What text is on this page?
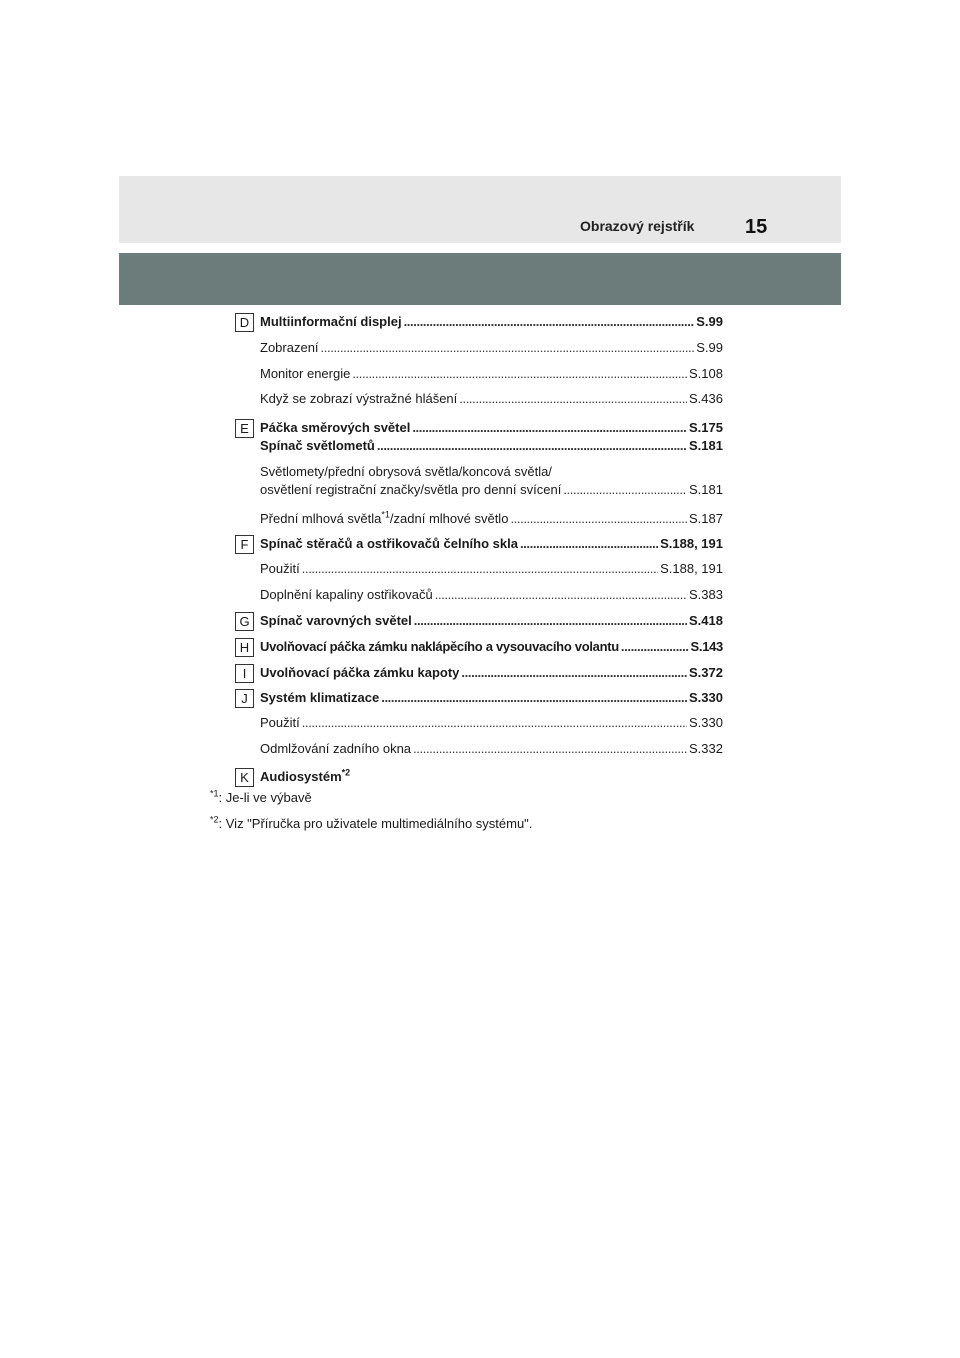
Obrazový rejstřík	15
D Multiinformační displej . . .	S.99
Zobrazení . . .	S.99
Monitor energie . . .	S.108
Když se zobrazí výstražné hlášení . . .	S.436
E Páčka směrových světel . . .	S.175
Spínač světlometů . . .	S.181
Světlomety/přední obrysová světla/koncová světla/
osvětlení registrační značky/světla pro denní svícení . . .	S.181
Přední mlhová světla$^{*1}$/zadní mlhové světlo . . .	S.187
F Spínač stěračů a ostřikovačů čelního skla . . .	S.188, 191
Použití . . .	S.188, 191
Doplnění kapaliny ostřikovačů . . .	S.383
G Spínač varovných světel . . .	S.418
H Uvolňovací páčka zámku naklápěcího a vysouvacího volantu . . .	S.143
I	Uvolňovací páčka zámku kapoty . . .	S.372
J Systém klimatizace . . .	S.330
Použití . . .	S.330
Odmlžování zadního okna . . .	S.332
K Audiosystém$^{*2}$
$^{*1}$: Je-li ve výbavě
$^{*2}$: Viz "Příručka pro uživatele multimediálního systému".
